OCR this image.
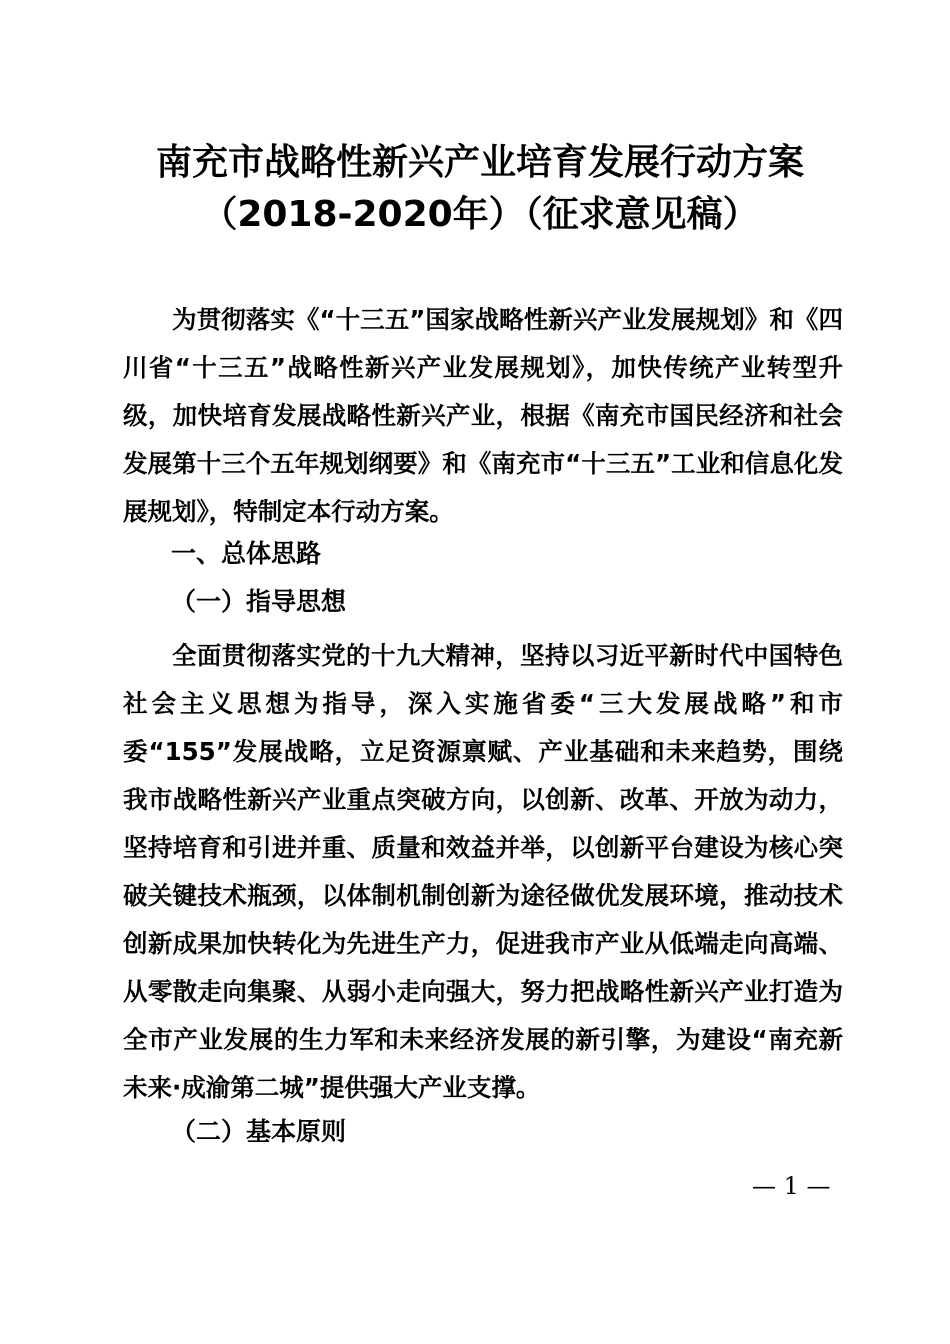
南充市战略性新兴产业培育发展行动方案
（2018-2020年）（征求意见稿）

为贯彻落实《“十三五”国家战略性新兴产业发展规划》和《四川省“十三五”战略性新兴产业发展规划》，加快传统产业转型升级，加快培育发展战略性新兴产业，根据《南充市国民经济和社会发展第十三个五年规划纲要》和《南充市“十三五”工业和信息化发展规划》，特制定本行动方案。

一、总体思路
（一）指导思想

全面贯彻落实党的十九大精神，坚持以习近平新时代中国特色社会主义思想为指导，深入实施省委“三大发展战略”和市委“155”发展战略，立足资源禀赋、产业基础和未来趋势，围绕我市战略性新兴产业重点突破方向，以创新、改革、开放为动力，坚持培育和引进并重、质量和效益并举，以创新平台建设为核心突破关键技术瓶颈，以体制机制创新为途径做优发展环境，推动技术创新成果加快转化为先进生产力，促进我市产业从低端走向高端、从零散走向集聚、从弱小走向强大，努力把战略性新兴产业打造为全市产业发展的生力军和未来经济发展的新引擎，为建设“南充新未来·成渝第二城”提供强大产业支撑。

（二）基本原则
— 1 —
